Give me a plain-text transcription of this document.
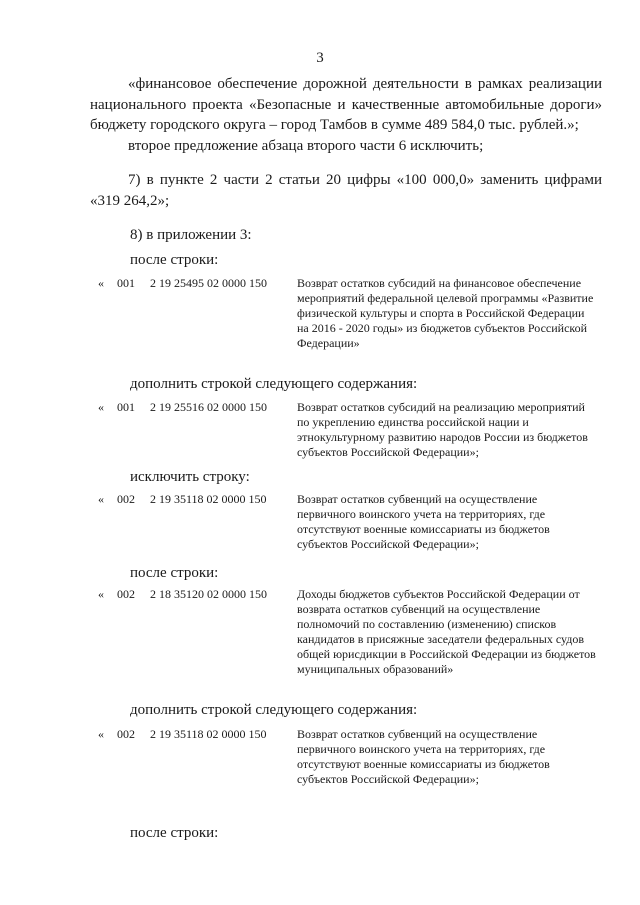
3

«финансовое обеспечение дорожной деятельности в рамках реализации национального проекта «Безопасные и качественные автомобильные дороги» бюджету городского округа – город Тамбов в сумме 489 584,0 тыс. рублей.»;

второе предложение абзаца второго части 6 исключить;

7) в пункте 2 части 2 статьи 20 цифры «100 000,0» заменить цифрами «319 264,2»;

8) в приложении 3:
после строки:
« 001 2 19 25495 02 0000 150	Возврат остатков субсидий на финансовое обеспечение мероприятий федеральной целевой программы «Развитие физической культуры и спорта в Российской Федерации на 2016 - 2020 годы» из бюджетов субъектов Российской Федерации»
дополнить строкой следующего содержания:
« 001 2 19 25516 02 0000 150	Возврат остатков субсидий на реализацию мероприятий по укреплению единства российской нации и этнокультурному развитию народов России из бюджетов субъектов Российской Федерации»;
исключить строку:
« 002 2 19 35118 02 0000 150	Возврат остатков субвенций на осуществление первичного воинского учета на территориях, где отсутствуют военные комиссариаты из бюджетов субъектов Российской Федерации»;
после строки:
« 002 2 18 35120 02 0000 150	Доходы бюджетов субъектов Российской Федерации от возврата остатков субвенций на осуществление полномочий по составлению (изменению) списков кандидатов в присяжные заседатели федеральных судов общей юрисдикции в Российской Федерации из бюджетов муниципальных образований»
дополнить строкой следующего содержания:
« 002 2 19 35118 02 0000 150	Возврат остатков субвенций на осуществление первичного воинского учета на территориях, где отсутствуют военные комиссариаты из бюджетов субъектов Российской Федерации»;
после строки:
